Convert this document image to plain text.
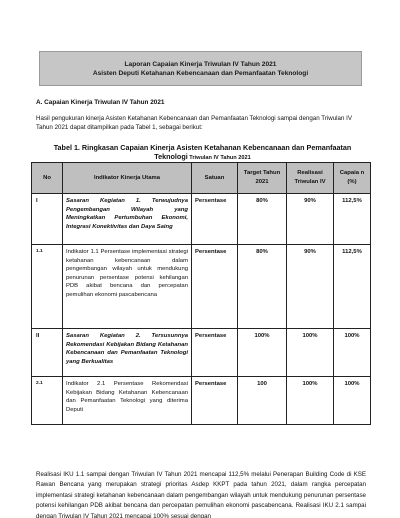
Laporan Capaian Kinerja Triwulan IV Tahun 2021
Asisten Deputi Ketahanan Kebencanaan dan Pemanfaatan Teknologi
A. Capaian Kinerja Triwulan IV Tahun 2021

Hasil pengukuran kinerja Asisten Ketahanan Kebencanaan dan Pemanfaatan Teknologi sampai dengan Triwulan IV Tahun 2021 dapat ditampilkan pada Tabel 1, sebagai berikut:

Tabel 1. Ringkasan Capaian Kinerja Asisten Ketahanan Kebencanaan dan Pemanfaatan Teknologi Triwulan IV Tahun 2021
No	Indikator Kinerja Utama	Satuan	Target Tahun 2021	Realisasi Triwulan IV	Capaia n (%)
I	Sasaran Kegiatan 1. Terwujudnya Pengembangan Wilayah yang Meningkatkan Pertumbuhan Ekonomi, Integrasi Konektivitas dan Daya Saing	Persentase	80%	90%	112,5%
1.1	Indikator 1.1 Persentase implementasi strategi ketahanan kebencanaan dalam pengembangan wilayah untuk mendukung penurunan persentase potensi kehilangan PDB akibat bencana dan percepatan pemulihan ekonomi pascabencana	Persentase	80%	90%	112,5%
II	Sasaran Kegiatan 2. Tersusunnya Rekomendasi Kebijakan Bidang Ketahanan Kebencanaan dan Pemanfaatan Teknologi yang Berkualitas	Persentase	100%	100%	100%
2.1	Indikator 2.1 Persentase Rekomendasi Kebijakan Bidang Ketahanan Kebencanaan dan Pemanfaatan Teknologi yang diterima Deputi	Persentase	100	100%	100%

Realisasi IKU 1.1 sampai dengan Triwulan IV Tahun 2021 mencapai 112,5% melalui Penerapan Building Code di KSE Rawan Bencana yang merupakan strategi prioritas Asdep KKPT pada tahun 2021, dalam rangka percepatan implementasi strategi ketahanan kebencanaan dalam pengembangan wilayah untuk mendukung penurunan persentase potensi kehilangan PDB akibat bencana dan percepatan pemulihan ekonomi pascabencana. Realisasi IKU 2.1 sampai dengan Triwulan IV Tahun 2021 mencapai 100% sesuai dengan
